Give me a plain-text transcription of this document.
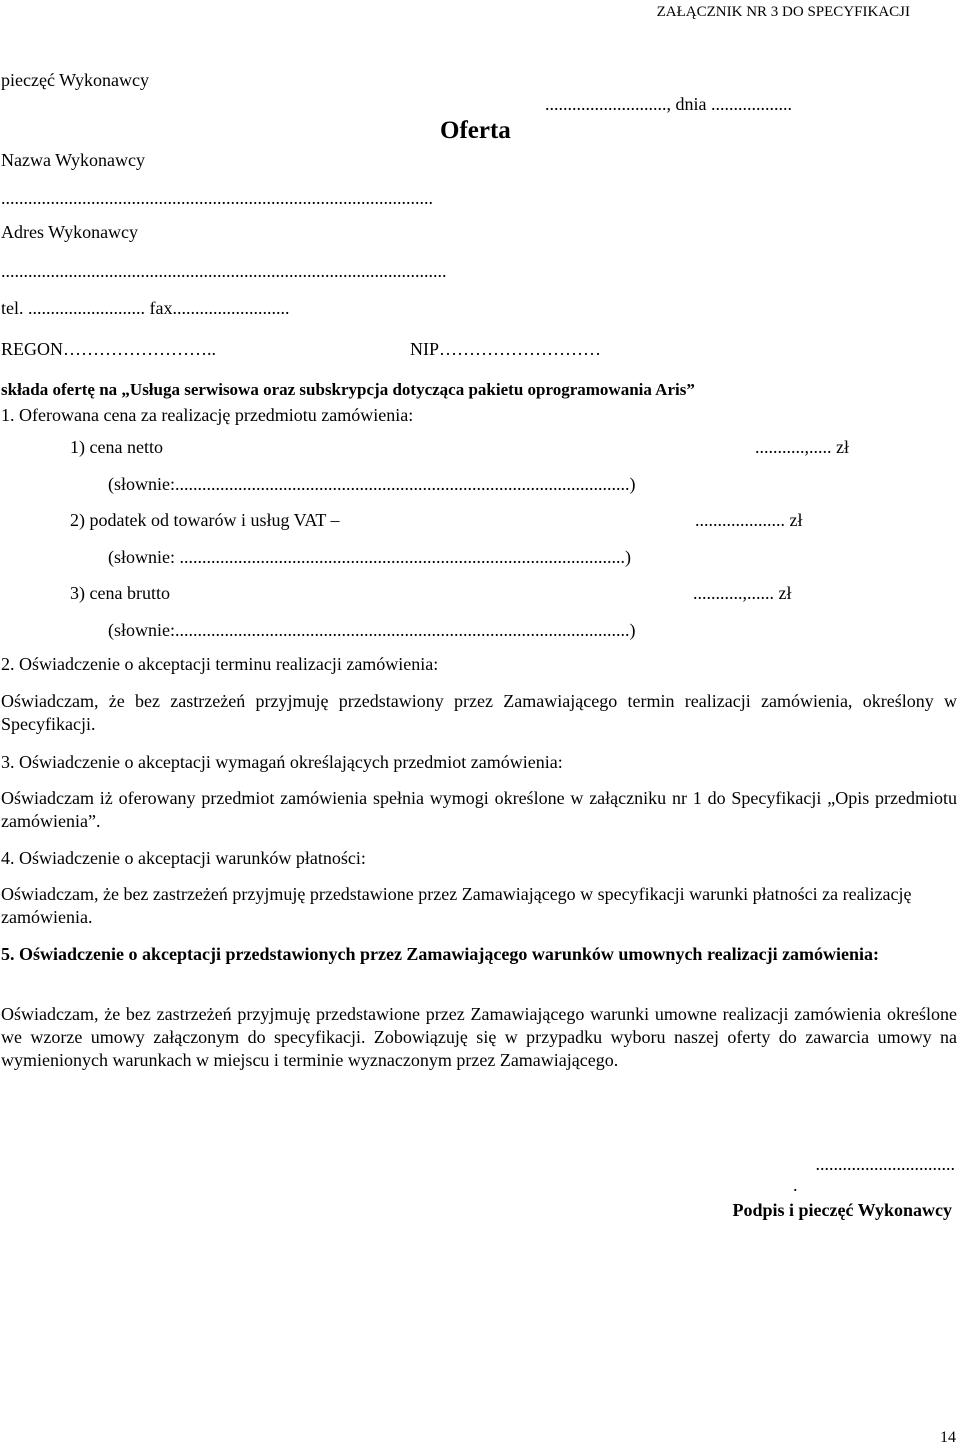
ZAŁĄCZNIK NR 3 DO SPECYFIKACJI
pieczęć Wykonawcy
..........................., dnia ..................
Oferta
Nazwa Wykonawcy
................................................................................................
Adres Wykonawcy
...................................................................................................
tel. .......................... fax..........................
REGON……………………..	NIP………………………
składa ofertę na „Usługa serwisowa oraz subskrypcja dotycząca pakietu oprogramowania Aris”
1. Oferowana cena za realizację przedmiotu zamówienia:
1) cena netto	...........,..... zł
(słownie:.....................................................................................................)
2) podatek od towarów i usług VAT –	.................... zł
(słownie: ...................................................................................................)
3) cena brutto	...........,...... zł
(słownie:.....................................................................................................)
2. Oświadczenie o akceptacji terminu realizacji zamówienia:
Oświadczam, że bez zastrzeżeń przyjmuję przedstawiony przez Zamawiającego termin realizacji zamówienia, określony w Specyfikacji.
3. Oświadczenie o akceptacji wymagań określających przedmiot zamówienia:
Oświadczam iż oferowany przedmiot zamówienia spełnia wymogi określone w załączniku nr 1 do Specyfikacji „Opis przedmiotu zamówienia”.
4. Oświadczenie o akceptacji warunków płatności:
Oświadczam, że bez zastrzeżeń przyjmuję przedstawione przez Zamawiającego w specyfikacji warunki płatności za realizację zamówienia.
5. Oświadczenie o akceptacji przedstawionych przez Zamawiającego warunków umownych realizacji zamówienia:
Oświadczam, że bez zastrzeżeń przyjmuję przedstawione przez Zamawiającego warunki umowne realizacji zamówienia określone we wzorze umowy załączonym do specyfikacji. Zobowiązuję się w przypadku wyboru naszej oferty do zawarcia umowy na wymienionych warunkach w miejscu i terminie wyznaczonym przez Zamawiającego.
...............................
.
Podpis i pieczęć Wykonawcy
14
